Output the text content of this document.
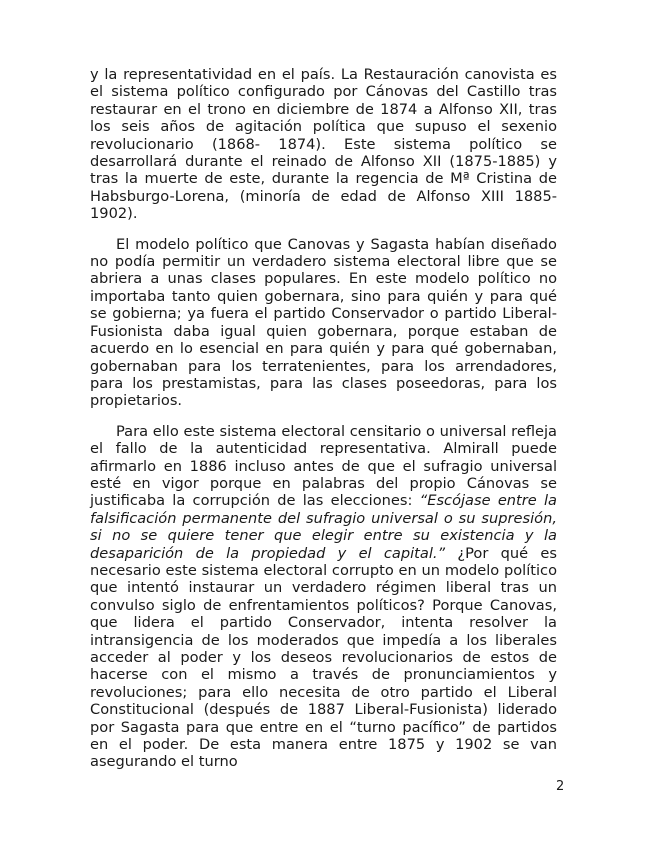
y la representatividad en el país. La Restauración canovista es el sistema político configurado por Cánovas del Castillo tras restaurar en el trono en diciembre de 1874 a Alfonso XII, tras los seis años de agitación política que supuso el sexenio revolucionario (1868- 1874). Este sistema político se desarrollará durante el reinado de Alfonso XII (1875-1885) y tras la muerte de este, durante la regencia de Mª Cristina de Habsburgo-Lorena, (minoría de edad de Alfonso XIII 1885-1902).

El modelo político que Canovas y Sagasta habían diseñado no podía permitir un verdadero sistema electoral libre que se abriera a unas clases populares. En este modelo político no importaba tanto quien gobernara, sino para quién y para qué se gobierna; ya fuera el partido Conservador o partido Liberal-Fusionista daba igual quien gobernara, porque estaban de acuerdo en lo esencial en para quién y para qué gobernaban, gobernaban para los terratenientes, para los arrendadores, para los prestamistas, para las clases poseedoras, para los propietarios.

Para ello este sistema electoral censitario o universal refleja el fallo de la autenticidad representativa. Almirall puede afirmarlo en 1886 incluso antes de que el sufragio universal esté en vigor porque en palabras del propio Cánovas se justificaba la corrupción de las elecciones: “Escójase entre la falsificación permanente del sufragio universal o su supresión, si no se quiere tener que elegir entre su existencia y la desaparición de la propiedad y el capital.” ¿Por qué es necesario este sistema electoral corrupto en un modelo político que intentó instaurar un verdadero régimen liberal tras un convulso siglo de enfrentamientos políticos? Porque Canovas, que lidera el partido Conservador, intenta resolver la intransigencia de los moderados que impedía a los liberales acceder al poder y los deseos revolucionarios de estos de hacerse con el mismo a través de pronunciamientos y revoluciones; para ello necesita de otro partido el Liberal Constitucional (después de 1887 Liberal-Fusionista) liderado por Sagasta para que entre en el “turno pacífico” de partidos en el poder. De esta manera entre 1875 y 1902 se van asegurando el turno

2
